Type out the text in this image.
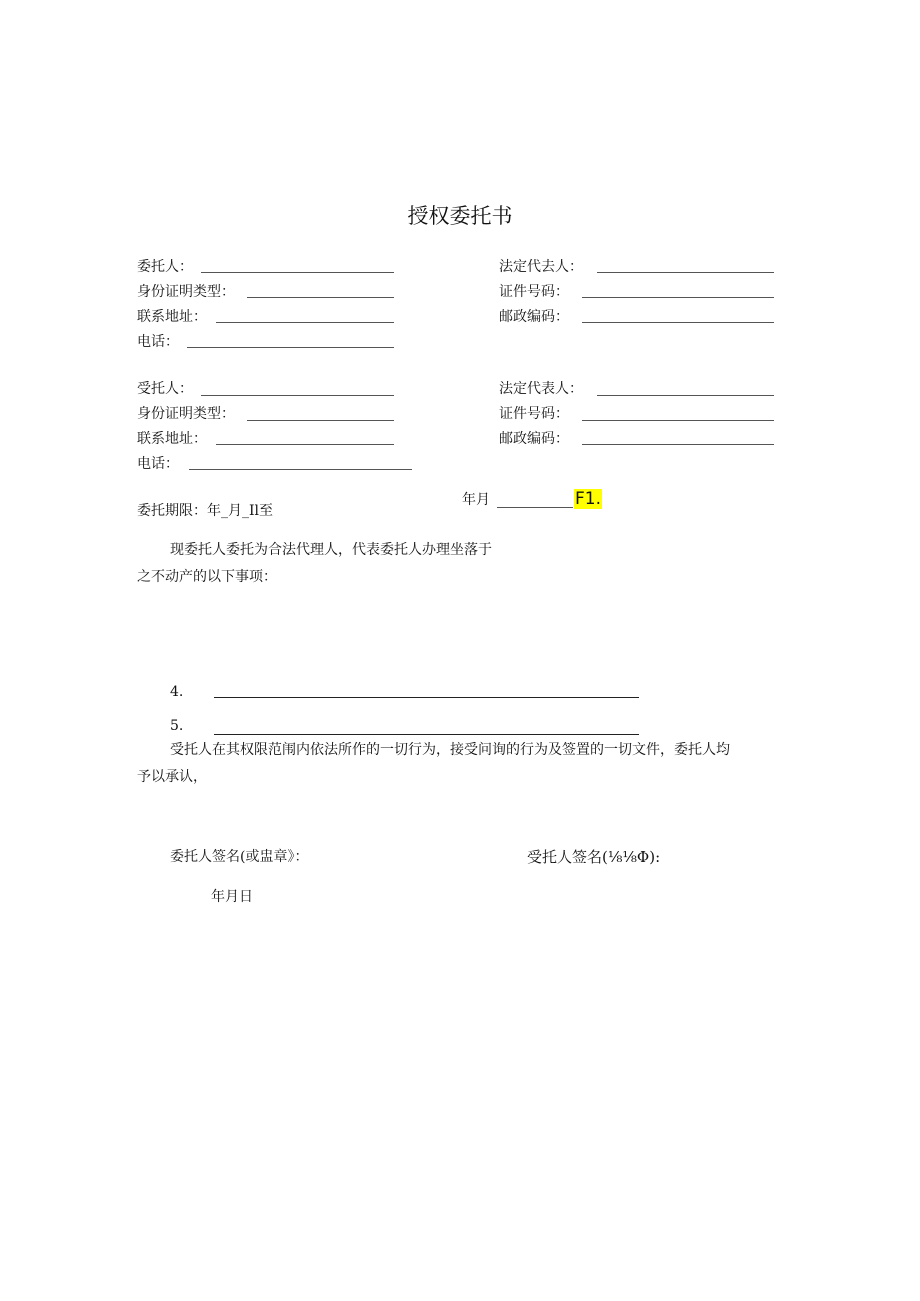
授权委托书
委托人：	法定代去人：
身份证明类型：	证件号码：
联系地址：	邮政编码：
电话：
受托人：	法定代表人：
身份证明类型：	证件号码：
联系地址：	邮政编码：
电话：
年月	F1.
委托期限：年_月_Il至
现委托人委托为合法代理人，代表委托人办理坐落于
之不动产的以下事项：
4.
5.
受托人在其权限范闱内依法所作的一切行为，接受问询的行为及签置的一切文件，委托人均
予以承认，
委托人签名(或盅章》：	受托人签名(⅛⅛Φ):
年月日
